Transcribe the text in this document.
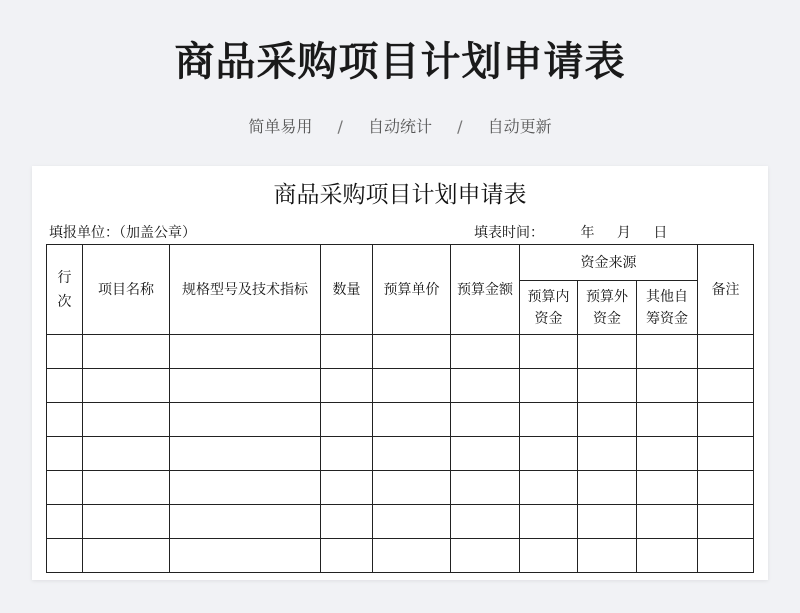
商品采购项目计划申请表
简单易用 / 自动统计 / 自动更新
商品采购项目计划申请表
填报单位：（加盖公章）	填表时间：	年 月 日
行次	项目名称	规格型号及技术指标	数量	预算单价	预算金额	资金来源			备注
						预算内资金	预算外资金	其他自筹资金	
